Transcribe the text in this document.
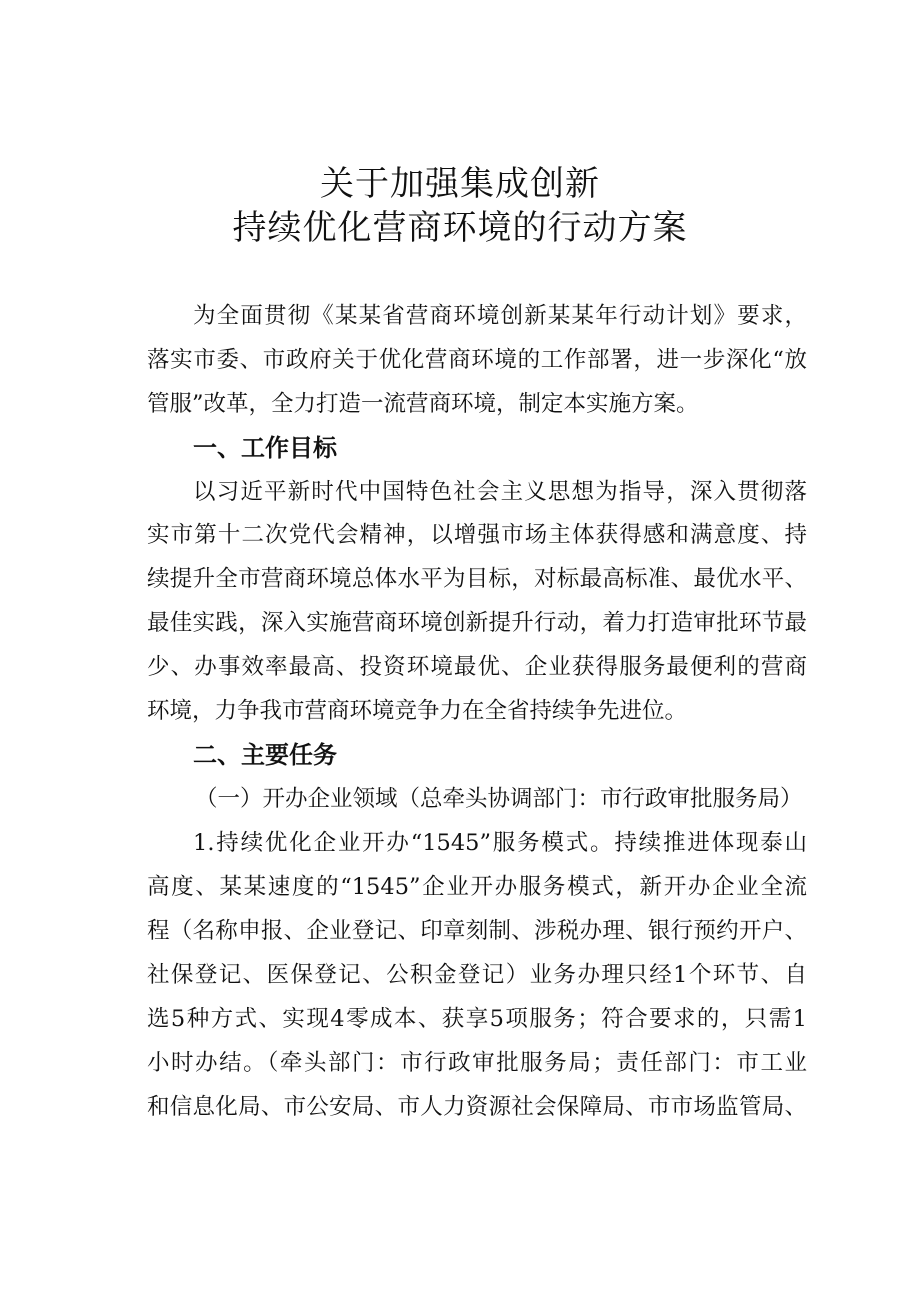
关于加强集成创新
持续优化营商环境的行动方案
为全面贯彻《某某省营商环境创新某某年行动计划》要求，
落实市委、市政府关于优化营商环境的工作部署，进一步深化“放
管服”改革，全力打造一流营商环境，制定本实施方案。
一、工作目标
以习近平新时代中国特色社会主义思想为指导，深入贯彻落
实市第十二次党代会精神，以增强市场主体获得感和满意度、持
续提升全市营商环境总体水平为目标，对标最高标准、最优水平、
最佳实践，深入实施营商环境创新提升行动，着力打造审批环节最
少、办事效率最高、投资环境最优、企业获得服务最便利的营商
环境，力争我市营商环境竞争力在全省持续争先进位。
二、主要任务
（一）开办企业领域（总牵头协调部门：市行政审批服务局）
1.持续优化企业开办“1545”服务模式。持续推进体现泰山
高度、某某速度的“1545”企业开办服务模式，新开办企业全流
程（名称申报、企业登记、印章刻制、涉税办理、银行预约开户、
社保登记、医保登记、公积金登记）业务办理只经1个环节、自
选5种方式、实现4零成本、获享5项服务；符合要求的，只需1
小时办结。（牵头部门：市行政审批服务局；责任部门：市工业
和信息化局、市公安局、市人力资源社会保障局、市市场监管局、
